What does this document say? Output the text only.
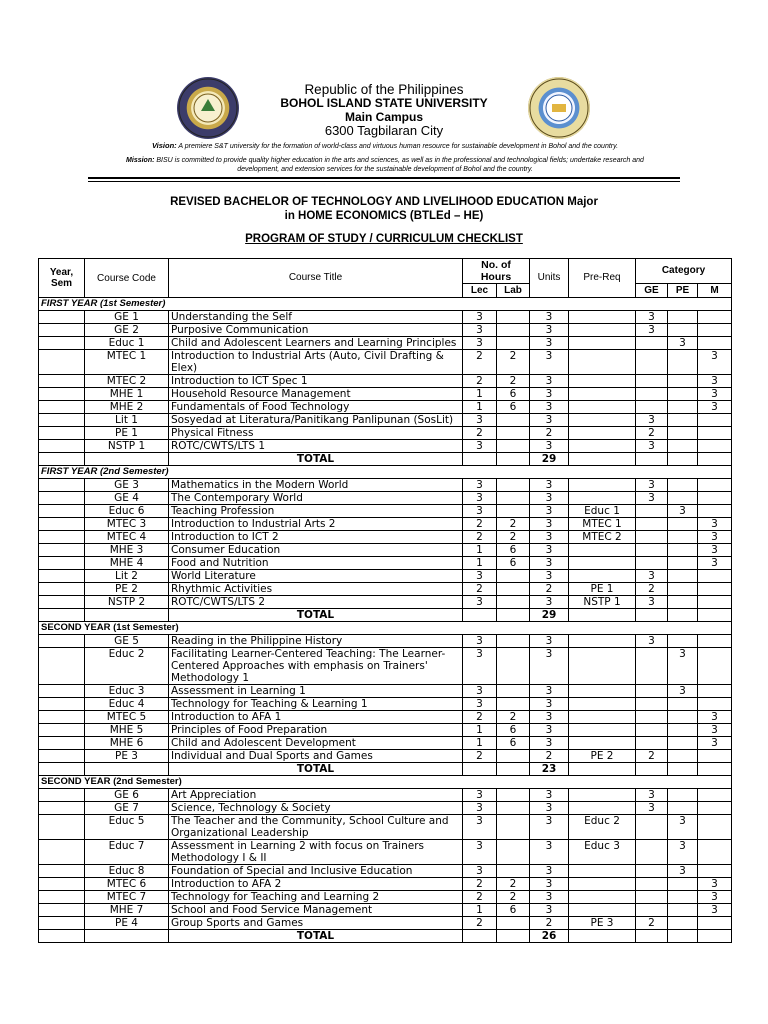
Republic of the Philippines
BOHOL ISLAND STATE UNIVERSITY
Main Campus
6300 Tagbilaran City
Vision: A premiere S&T university for the formation of world-class and virtuous human resource for sustainable development in Bohol and the country.
Mission: BISU is committed to provide quality higher education in the arts and sciences, as well as in the professional and technological fields; undertake research and development, and extension services for the sustainable development of Bohol and the country.
REVISED BACHELOR OF TECHNOLOGY AND LIVELIHOOD EDUCATION Major in HOME ECONOMICS (BTLEd – HE)
PROGRAM OF STUDY / CURRICULUM CHECKLIST
Year, Sem	Course Code	Course Title	No. of Hours		Units	Pre-Req	Category		
			Lec	Lab			GE	PE	M
FIRST YEAR (1st Semester)									
	GE 1	Understanding the Self	3		3		3		
	GE 2	Purposive Communication	3		3		3		
	Educ 1	Child and Adolescent Learners and Learning Principles	3		3			3	
	MTEC 1	Introduction to Industrial Arts (Auto, Civil Drafting & Elex)	2	2	3				3
	MTEC 2	Introduction to ICT Spec 1	2	2	3				3
	MHE 1	Household Resource Management	1	6	3				3
	MHE 2	Fundamentals of Food Technology	1	6	3				3
	Lit 1	Sosyedad at Literatura/Panitikang Panlipunan (SosLit)	3		3		3		
	PE 1	Physical Fitness	2		2		2		
	NSTP 1	ROTC/CWTS/LTS 1	3		3		3		
		TOTAL			29				
FIRST YEAR (2nd Semester)									
	GE 3	Mathematics in the Modern World	3		3		3		
	GE 4	The Contemporary World	3		3		3		
	Educ 6	Teaching Profession	3		3	Educ 1		3	
	MTEC 3	Introduction to Industrial Arts 2	2	2	3	MTEC 1			3
	MTEC 4	Introduction to ICT 2	2	2	3	MTEC 2			3
	MHE 3	Consumer Education	1	6	3				3
	MHE 4	Food and Nutrition	1	6	3				3
	Lit 2	World Literature	3		3		3		
	PE 2	Rhythmic Activities	2		2	PE 1	2		
	NSTP 2	ROTC/CWTS/LTS 2	3		3	NSTP 1	3		
		TOTAL			29				
SECOND YEAR (1st Semester)									
	GE 5	Reading in the Philippine History	3		3		3		
	Educ 2	Facilitating Learner-Centered Teaching: The Learner-Centered Approaches with emphasis on Trainers' Methodology 1	3		3			3	
	Educ 3	Assessment in Learning 1	3		3			3	
	Educ 4	Technology for Teaching & Learning 1	3		3				
	MTEC 5	Introduction to AFA 1	2	2	3				3
	MHE 5	Principles of Food Preparation	1	6	3				3
	MHE 6	Child and Adolescent Development	1	6	3				3
	PE 3	Individual and Dual Sports and Games	2		2	PE 2	2		
		TOTAL			23				
SECOND YEAR (2nd Semester)									
	GE 6	Art Appreciation	3		3		3		
	GE 7	Science, Technology & Society	3		3		3		
	Educ 5	The Teacher and the Community, School Culture and Organizational Leadership	3		3	Educ 2		3	
	Educ 7	Assessment in Learning 2 with focus on Trainers Methodology I & II	3		3	Educ 3		3	
	Educ 8	Foundation of Special and Inclusive Education	3		3			3	
	MTEC 6	Introduction to AFA 2	2	2	3				3
	MTEC 7	Technology for Teaching and Learning 2	2	2	3				3
	MHE 7	School and Food Service Management	1	6	3				3
	PE 4	Group Sports and Games	2		2	PE 3	2		
		TOTAL			26				
